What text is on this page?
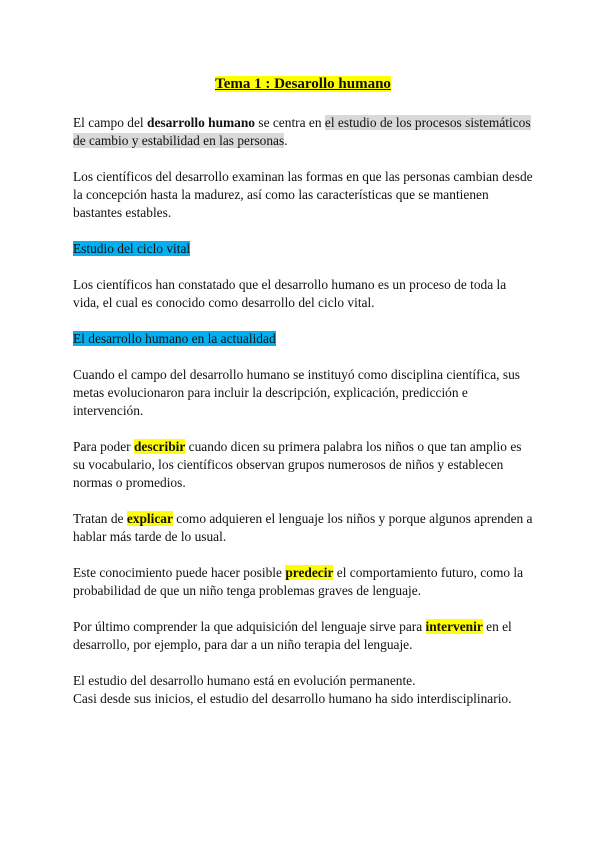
Tema 1 : Desarollo humano

El campo del desarrollo humano se centra en el estudio de los procesos sistemáticos de cambio y estabilidad en las personas.

Los científicos del desarrollo examinan las formas en que las personas cambian desde la concepción hasta la madurez, así como las características que se mantienen bastantes estables.

Estudio del ciclo vital

Los científicos han constatado que el desarrollo humano es un proceso de toda la vida, el cual es conocido como desarrollo del ciclo vital.

El desarrollo humano en la actualidad

Cuando el campo del desarrollo humano se instituyó como disciplina científica, sus metas evolucionaron para incluir la descripción, explicación, predicción e intervención.

Para poder describir cuando dicen su primera palabra los niños o que tan amplio es su vocabulario, los científicos observan grupos numerosos de niños y establecen normas o promedios.

Tratan de explicar como adquieren el lenguaje los niños y porque algunos aprenden a hablar más tarde de lo usual.

Este conocimiento puede hacer posible predecir el comportamiento futuro, como la probabilidad de que un niño tenga problemas graves de lenguaje.

Por último comprender la que adquisición del lenguaje sirve para intervenir en el desarrollo, por ejemplo, para dar a un niño terapia del lenguaje.

El estudio del desarrollo humano está en evolución permanente.

Casi desde sus inicios, el estudio del desarrollo humano ha sido interdisciplinario.
